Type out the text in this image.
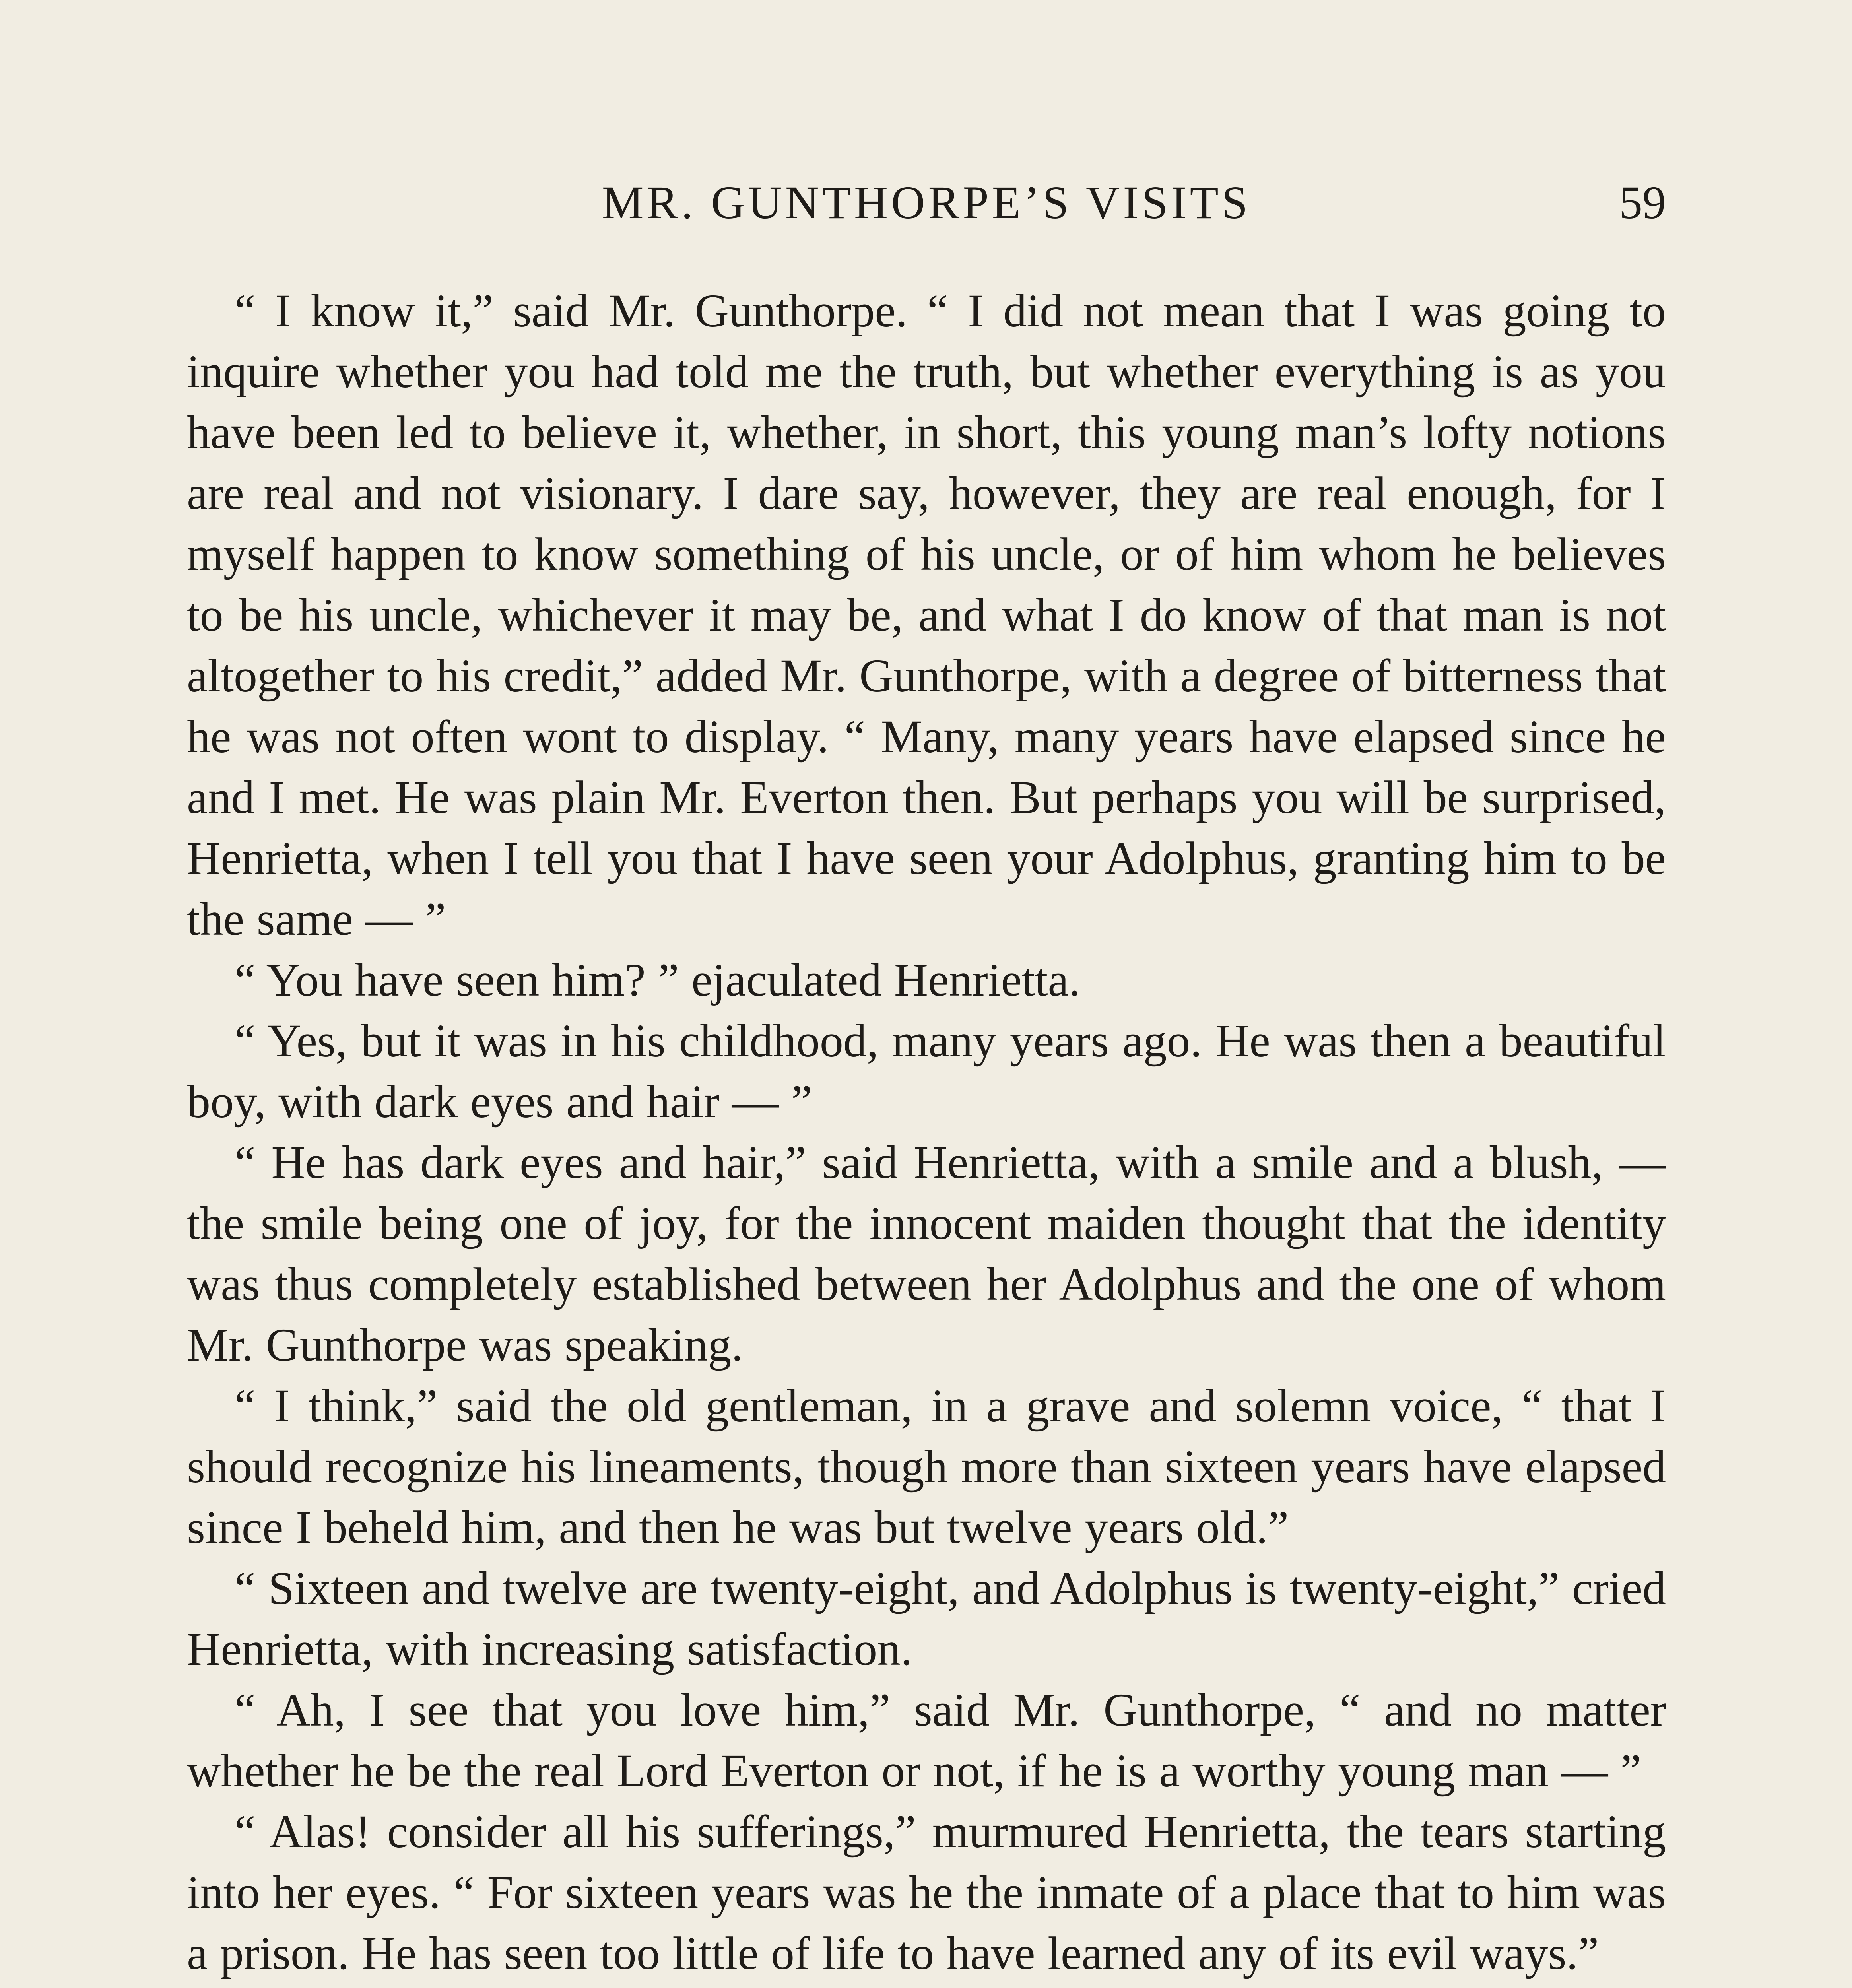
MR. GUNTHORPE’S VISITS	59

“ I know it,” said Mr. Gunthorpe. “ I did not mean that I was going to inquire whether you had told me the truth, but whether everything is as you have been led to believe it, whether, in short, this young man’s lofty notions are real and not visionary. I dare say, however, they are real enough, for I myself happen to know something of his uncle, or of him whom he believes to be his uncle, whichever it may be, and what I do know of that man is not altogether to his credit,” added Mr. Gunthorpe, with a degree of bitterness that he was not often wont to display. “ Many, many years have elapsed since he and I met. He was plain Mr. Everton then. But perhaps you will be surprised, Henrietta, when I tell you that I have seen your Adolphus, granting him to be the same — ”

“ You have seen him? ” ejaculated Henrietta.

“ Yes, but it was in his childhood, many years ago. He was then a beautiful boy, with dark eyes and hair — ”

“ He has dark eyes and hair,” said Henrietta, with a smile and a blush, — the smile being one of joy, for the innocent maiden thought that the identity was thus completely established between her Adolphus and the one of whom Mr. Gunthorpe was speaking.

“ I think,” said the old gentleman, in a grave and solemn voice, “ that I should recognize his lineaments, though more than sixteen years have elapsed since I beheld him, and then he was but twelve years old.”

“ Sixteen and twelve are twenty-eight, and Adolphus is twenty-eight,” cried Henrietta, with increasing satisfaction.

“ Ah, I see that you love him,” said Mr. Gunthorpe, “ and no matter whether he be the real Lord Everton or not, if he is a worthy young man — ”

“ Alas! consider all his sufferings,” murmured Henrietta, the tears starting into her eyes. “ For sixteen years was he the inmate of a place that to him was a prison. He has seen too little of life to have learned any of its evil ways.”
